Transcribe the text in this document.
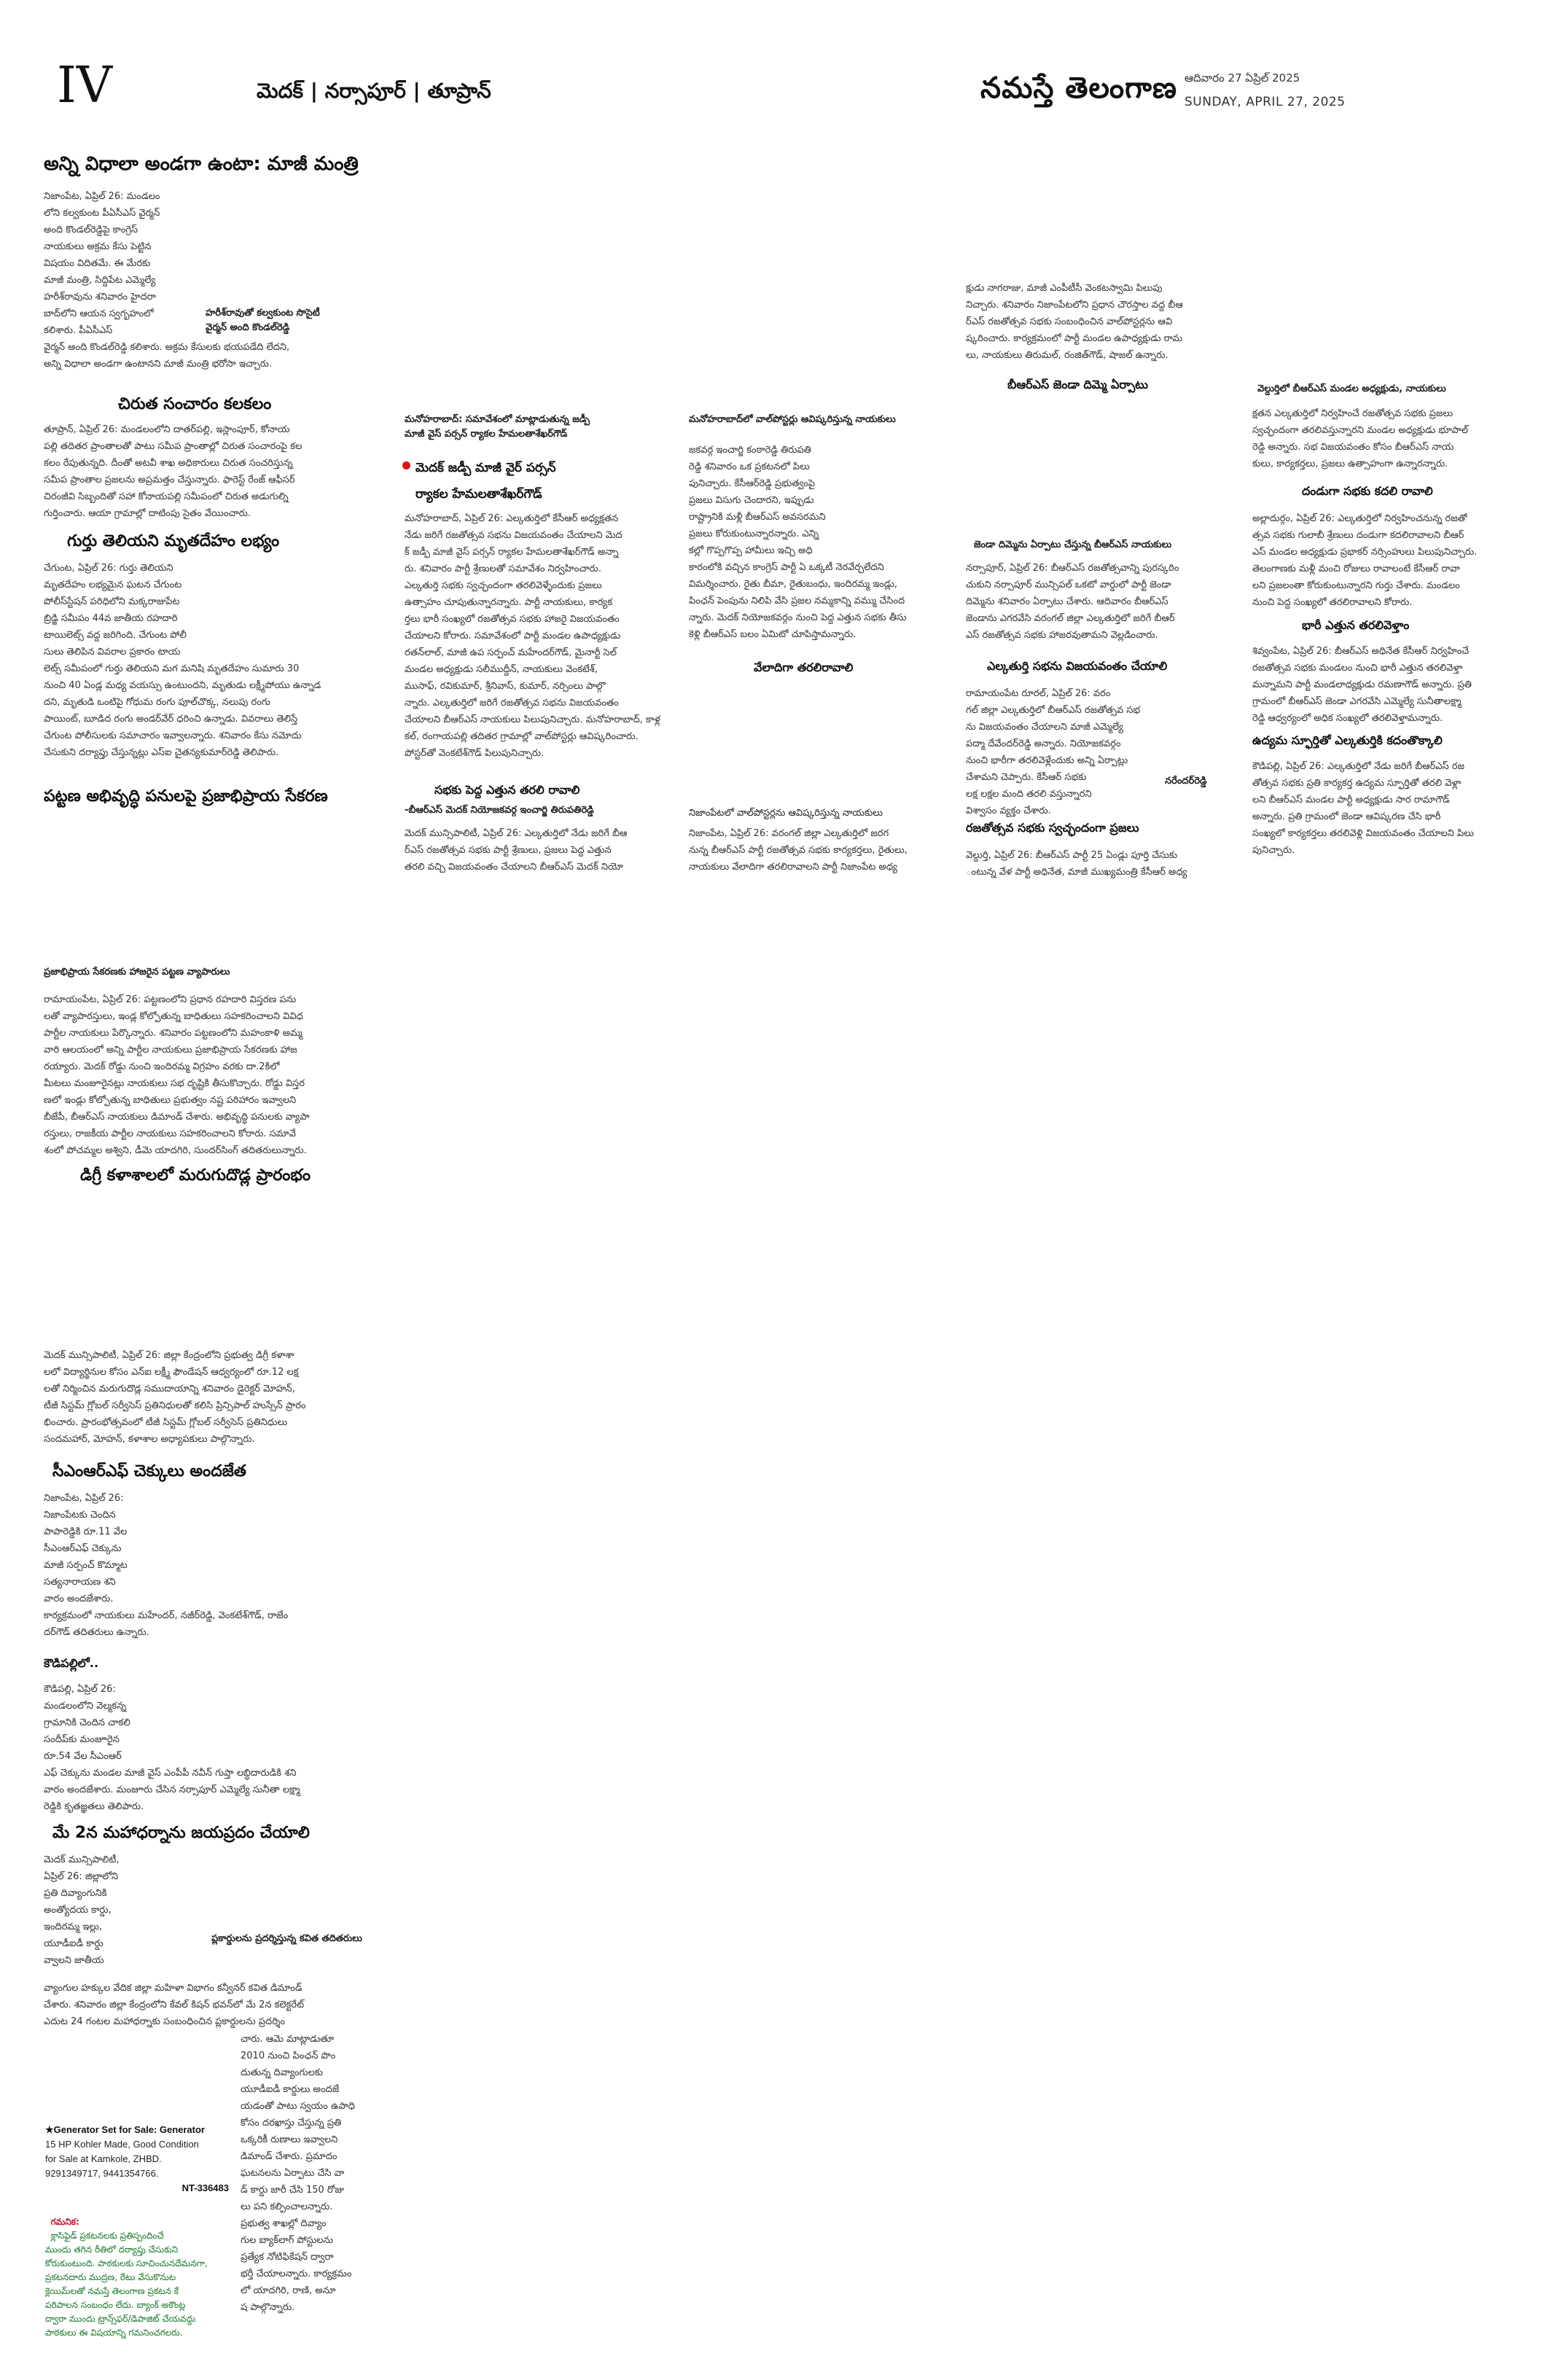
IV	మెదక్ | నర్సాపూర్ | తూప్రాన్	నమస్తే తెలంగాణ ఆదివారం 27 ఏప్రిల్ 2025
SUNDAY, APRIL 27, 2025
అన్ని విధాలా అండగా ఉంటా: మాజీ మంత్రి
నిజాంపేట, ఏప్రిల్ 26: మండలం
లోని కల్వకుంట పీఏసీఎస్ వైర్మన్
అంది కొండల్‌రెడ్డిపై కాంగ్రెస్
నాయకులు అక్రమ కేసు పెట్టిన
విషయం విదితమే. ఈ మేరకు
మాజీ మంత్రి, సిద్దిపేట ఎమ్మెల్యే
హరీశ్‌రావును శనివారం హైదరా
బాద్‌లోని ఆయన స్వగృహంలో
కలిశారు. పీఏసీఎస్
వైర్మన్ అంది కొండల్‌రెడ్డి కలిశారు. అక్రమ కేసులకు భయపడేది లేదని,
అన్ని విధాలా అండగా ఉంటానని మాజీ మంత్రి భరోసా ఇచ్చారు.
హరీశ్‌రావుతో కల్వకుంట సొసైటీ
వైర్మన్ అంది కొండల్‌రెడ్డి
చిరుత సంచారం కలకలం
తూప్రాన్, ఏప్రిల్ 26: మండలంలోని దాతర్‌పల్లి, ఇస్లాంపూర్, కోనాయ
పల్లి తదితర ప్రాంతాలతో పాటు సమీప ప్రాంతాల్లో చిరుత సంచారంపై కల
కలం రేపుతున్నది. దీంతో అటవీ శాఖ అధికారులు చిరుత సంచరిస్తున్న
సమీప ప్రాంతాల ప్రజలను అప్రమత్తం చేస్తున్నారు. ఫారెస్ట్ రేంజ్ ఆఫీసర్
చిరంజీవి సిబ్బందితో సహా కోనాయపల్లి సమీపంలో చిరుత అడుగుల్ని
గుర్తించారు. ఆయా గ్రామాల్లో దాటింపు సైతం వేయించారు.
గుర్తు తెలియని మృతదేహం లభ్యం
చేగుంట, ఏప్రిల్ 26: గుర్తు తెలియని
మృతదేహం లభ్యమైన ఘటన చేగుంట
పోలీస్‌స్టేషన్ పరిధిలోని మక్కరాజుపేట
బ్రిడ్జి సమీపం 44వ జాతీయ రహదారి
టాయిలెట్స్ వద్ద జరిగింది. చేగుంట పోలీ
సులు తెలిపిన వివరాల ప్రకారం టాయ
లెట్స్ సమీపంలో గుర్తు తెలియని మగ మనిషి మృతదేహం సుమారు 30
నుంచి 40 ఏండ్ల మధ్య వయస్సు ఉంటుందని, మృతుడు లక్ష్మీపోయు ఉన్నాడ
దని, మృతుడి ఒంటిపై గోధుమ రంగు పూల్‌చొక్క, నలుపు రంగు
పాయింట్, బూడిద రంగు అండర్‌వేర్ ధరించి ఉన్నాడు. వివరాలు తెలిస్తే
చేగుంట పోలీసులకు సమాచారం ఇవ్వాలన్నారు. శనివారం కేసు నమోదు
చేసుకుని దర్యాప్తు చేస్తున్నట్లు ఎస్‌ఐ చైతన్యకుమార్‌రెడ్డి తెలిపారు.
పట్టణ అభివృద్ధి పనులపై ప్రజాభిప్రాయ సేకరణ
ప్రజాభిప్రాయ సేకరణకు హాజరైన పట్టణ వ్యాపారులు
రామాయంపేట, ఏప్రిల్ 26: పట్టణంలోని ప్రధాన రహదారి విస్తరణ పను
లతో వ్యాపారస్తులు, ఇండ్ల కోల్పోతున్న బాధితులు సహకరించాలని వివిధ
పార్టీల నాయకులు పేర్కొన్నారు. శనివారం పట్టణంలోని మహంకాళి అమ్మ
వారి ఆలయంలో అన్ని పార్టీల నాయకులు ప్రజాభిప్రాయ సేకరణకు హాజ
రయ్యారు. మెదక్ రోడ్డు నుంచి ఇందిరమ్మ విగ్రహం వరకు దా.2కిలో
మీటలు మంజూరైనట్లు నాయకులు సభ దృష్టికి తీసుకొచ్చారు. రోడ్డు విస్తర
ణలో ఇండ్లు కోల్పోతున్న బాధితులు ప్రభుత్వం నష్ట పరిహారం ఇవ్వాలని
బీజేపీ, బీఆర్‌ఎస్ నాయకులు డిమాండ్ చేశారు. అభివృద్ధి పనులకు వ్యాపా
రస్తులు, రాజకీయ పార్టీల నాయకులు సహకరించాలని కోరారు. సమావే
శంలో పోచమ్మల అశ్విని, డీమె యాదగిరి, సుందర్‌సింగ్ తదితరులున్నారు.
డిగ్రీ కళాశాలలో మరుగుదొడ్ల ప్రారంభం
మెదక్ మున్సిపాలిటీ, ఏప్రిల్ 26: జిల్లా కేంద్రంలోని ప్రభుత్వ డిగ్రీ కళాశా
లలో విద్యార్థినుల కోసం ఎన్ఐ లక్ష్మీ ఫౌండేషన్ ఆధ్వర్యంలో రూ.12 లక్ష
లతో నిర్మించిన మరుగుదొడ్ల సముదాయాన్ని శనివారం డైరెక్టర్ మోహన్,
టీజీ సిస్టమ్ గ్లోబల్ సర్వీసెస్ ప్రతినిధులతో కలిసి ప్రిన్సిపాల్ హుస్సేన్ ప్రారం
భించారు. ప్రారంభోత్సవంలో టీజీ సిస్టమ్ గ్లోబల్ సర్వీసెస్ ప్రతినిధులు
సందమహార్, మోహన్, కళాశాల అధ్యాపకులు పాల్గొన్నారు.
సీఎంఆర్‌ఎఫ్ చెక్కులు అందజేత
నిజాంపేట, ఏప్రిల్ 26:
నిజాంపేటకు చెందిన
పాపారెడ్డికి రూ.11 వేల
సీఎంఆర్‌ఎఫ్ చెక్కును
మాజీ సర్పంచ్ కొమ్మాట
సత్యనారాయణ శని
వారం అందజేశారు.
కార్యక్రమంలో నాయకులు మహేందర్, నజీర్‌రెడ్డి, వెంకటేశ్‌గౌడ్, రాజేం
దర్‌గౌడ్ తదితరులు ఉన్నారు.
కౌడిపల్లిలో..
కౌడిపల్లి, ఏప్రిల్ 26:
మండలంలోని వెల్మకన్న
గ్రామానికి చెందిన చాకలి
సందీప్‌కు మంజూరైన
రూ.54 వేల సీఎంఆర్
ఎఫ్ చెక్కును మండల మాజీ వైస్ ఎంపీపీ నవీన్ గుప్తా లబ్ధిదారుడికి శని
వారం అందజేశారు. మంజూరు చేసిన నర్సాపూర్ ఎమ్మెల్యే సునీతా లక్ష్మా
రెడ్డికి కృతజ్ఞతలు తెలిపారు.
మే 2న మహాధర్నాను జయప్రదం చేయాలి
మెదక్ మున్సిపాలిటీ,
ఏప్రిల్ 26: జిల్లాలోని
ప్రతి దివ్యాంగునికి
అంత్యోదయ కార్డు,
ఇందిరమ్మ ఇల్లు,
యూడీఐడీ కార్డు
వ్వాలని జాతీయ

ప్లకార్డులను ప్రదర్శిస్తున్న కవిత తదితరులు
వ్యాంగుల హక్కుల వేదిక జిల్లా మహిళా విభాగం కన్వీనర్ కవిత డిమాండ్
చేశారు. శనివారం జిల్లా కేంద్రంలోని కేవల్ కిషన్ భవన్‌లో మే 2న కలెక్టరేట్
ఎదుట 24 గంటల మహాధర్నాకు సంబంధించిన ప్లకార్డులను ప్రదర్శిం
చారు. ఆమె మాట్లాడుతూ
2010 నుంచి పింఛన్ పొం
దుతున్న దివ్యాంగులకు
యూడీఐడీ కార్డులు అందజే
యడంతో పాటు స్వయం ఉపాధి
కోసం దరఖాస్తు చేస్తున్న ప్రతి
ఒక్కరికీ రుణాలు ఇవ్వాలని
డిమాండ్ చేశారు. ప్రమాదం
ఘటనలను ఏర్పాటు చేసి వా
డ్ కార్డు జారీ చేసి 150 రోజు
లు పని కల్పించాలన్నారు.
ప్రభుత్వ శాఖల్లో దివ్యాం
గుల బ్యాక్‌లాగ్ పోస్టులను
ప్రత్యేక నోటిఫికేషన్ ద్వారా
భర్తీ చేయాలన్నారు. కార్యక్రమం
లో యాదగిరి, రాణి, అనూ
ష పాల్గొన్నారు.
★Generator Set for Sale: Generator
15 HP Kohler Made, Good Condition
for Sale at Kamkole, ZHBD.
9291349717, 9441354766.
NT-336483

గమనిక:
క్లాసిఫైడ్ ప్రకటనలకు ప్రతిస్పందించే
ముందు తగిన రీతిలో దర్యాప్తు చేసుకుని
కోరుకుంటుంది. పాఠకులకు సూచించునదేమనగా,
ప్రకటనదారు ముద్రణ, రేటు వేసుకొనుట
క్లెయిమ్‌లతో నమస్తే తెలంగాణ ప్రకటన కే
పరిపాలన సంబంధం లేదు. బ్యాంక్ అకౌంట్ల
ద్వారా ముందు ట్రాన్స్‌ఫర్/డిపాజిట్ చేయవద్దు
పాఠకులు ఈ విషయాన్ని గమనించగలరు.

మనోహరాబాద్: సమావేశంలో మాట్లాడుతున్న జడ్పీ
మాజీ వైస్ పర్సన్ ర్యాకల హేమలతాశేఖర్‌గౌడ్
మెదక్ జడ్పీ మాజీ వైర్ పర్సన్
ర్యాకల హేమలతాశేఖర్‌గౌడ్
మనోహరాబాద్, ఏప్రిల్ 26: ఎల్కతుర్తిలో కేసీఆర్ అధ్యక్షతన
నేడు జరిగే రజతోత్సవ సభను విజయవంతం చేయాలని మెద
క్ జడ్పీ మాజీ వైస్ పర్సన్ ర్యాకల హేమలతాశేఖర్‌గౌడ్ అన్నా
రు. శనివారం పార్టీ శ్రేణులతో సమావేశం నిర్వహించారు.
ఎల్కతుర్తి సభకు స్వచ్ఛందంగా తరలివెళ్ళేందుకు ప్రజలు
ఉత్సాహం చూపుతున్నారన్నారు. పార్టీ నాయకులు, కార్యక
ర్తలు భారీ సంఖ్యలో రజతోత్సవ సభకు హాజరై విజయవంతం
చేయాలని కోరారు. సమావేశంలో పార్టీ మండల ఉపాధ్యక్షుడు
రతన్‌లాల్, మాజీ ఉప సర్పంచ్ మహేందర్‌గౌడ్, మైనార్టీ సెల్
మండల అధ్యక్షుడు సలీముద్దీన్, నాయకులు వెంకటేశ్,
ముసాఫ్, రవికుమార్, శ్రీనివాస్, కుమార్, నర్సింలు పాల్గొ
న్నారు. ఎల్కతుర్తిలో జరిగే రజతోత్సవ సభను విజయవంతం
చేయాలని బీఆర్‌ఎస్ నాయకులు పిలుపునిచ్చారు. మనోహరాబాద్, కాళ్ల
కల్, రంగాయపల్లి తదితర గ్రామాల్లో వాల్‌పోస్టర్లు ఆవిష్కరించారు.
పోస్టర్‌తో వెంకటేశ్‌గౌడ్ పిలుపునిచ్చారు.
సభకు పెద్ద ఎత్తున తరలి రావాలి
-బీఆర్‌ఎస్ మెదక్ నియోజకవర్గ ఇంచార్జి తిరుపతిరెడ్డి
మెదక్ మున్సిపాలిటీ, ఏప్రిల్ 26: ఎల్కతుర్తిలో నేడు జరిగే బీఆ
ర్‌ఎస్ రజతోత్సవ సభకు పార్టీ శ్రేణులు, ప్రజలు పెద్ద ఎత్తున
తరలి వచ్చి విజయవంతం చేయాలని బీఆర్‌ఎస్ మెదక్ నియో
మనోహరాబాద్‌లో వాల్‌పోస్టర్లు ఆవిష్కరిస్తున్న నాయకులు
జకవర్గ ఇంచార్జి కంఠారెడ్డి తిరుపతి
రెడ్డి శనివారం ఒక ప్రకటనలో పిలు
పునిచ్చారు. కేసీఆర్‌రెడ్డి ప్రభుత్వంపై
ప్రజలు విసుగు చెందారని, ఇప్పుడు
రాష్ట్రానికి మళ్లీ బీఆర్‌ఎస్ అవసరమని
ప్రజలు కోరుకుంటున్నారన్నారు. ఎన్ని
కల్లో గొప్పగొప్ప హామీలు ఇచ్చి అధి
కారంలోకి వచ్చిన కాంగ్రెస్ పార్టీ ఏ ఒక్కటీ నెరవేర్చలేదని
విమర్శించారు. రైతు బీమా, రైతుబంధు, ఇందిరమ్మ ఇండ్లు,
పింఛన్ పెంపును నిలిపి వేసి ప్రజల నమ్మకాన్ని వమ్ము చేసింద
న్నారు. మెదక్ నియోజకవర్గం నుంచి పెద్ద ఎత్తున సభకు తీసు
కెళ్లి బీఆర్‌ఎస్ బలం ఏమిటో చూపిస్తామన్నారు.
వేలాదిగా తరలిరావాలి
నిజాంపేటలో వాల్‌పోస్టర్లను ఆవిష్కరిస్తున్న నాయకులు
నిజాంపేట, ఏప్రిల్ 26: వరంగల్ జిల్లా ఎల్కతుర్తిలో జరగ
నున్న బీఆర్‌ఎస్ పార్టీ రజతోత్సవ సభకు కార్యకర్తలు, రైతులు,
నాయకులు వేలాదిగా తరలిరావాలని పార్టీ నిజాంపేట అధ్య
క్షుడు నాగరాజు, మాజీ ఎంపీటీసీ వెంకటస్వామి పిలుపు
నిచ్చారు. శనివారం నిజాంపేటలోని ప్రధాన చౌరస్తాల వద్ద బీఆ
ర్‌ఎస్ రజతోత్సవ సభకు సంబంధించిన వాల్‌పోస్టర్లను ఆవి
ష్కరించారు. కార్యక్రమంలో పార్టీ మండల ఉపాధ్యక్షుడు రామ
లు, నాయకులు తిరుమల్, రంజిత్‌గౌడ్, షాజల్ ఉన్నారు.
బీఆర్‌ఎస్ జెండా దిమ్మె ఏర్పాటు
జెండా దిమ్మెను ఏర్పాటు చేస్తున్న బీఆర్‌ఎస్ నాయకులు
నర్సాపూర్, ఏప్రిల్ 26: బీఆర్‌ఎస్ రజతోత్సవాన్ని పురస్కరిం
చుకుని నర్సాపూర్ మున్సిపల్ ఒకటో వార్డులో పార్టీ జెండా
దిమ్మెను శనివారం ఏర్పాటు చేశారు. ఆదివారం బీఆర్‌ఎస్
జెండాను ఎగరవేసి వరంగల్ జిల్లా ఎల్కతుర్తిలో జరిగే బీఆర్
ఎస్ రజతోత్సవ సభకు హాజరవుతామని వెల్లడించారు.
ఎల్కతుర్తి సభను విజయవంతం చేయాలి
రామాయంపేట రూరల్, ఏప్రిల్ 26: వరం
గల్ జిల్లా ఎల్కతుర్తిలో బీఆర్‌ఎస్ రజతోత్సవ సభ
ను విజయవంతం చేయాలని మాజీ ఎమ్మెల్యే
పద్మా దేవేందర్‌రెడ్డి అన్నారు. నియోజకవర్గం
నుంచి భారీగా తరలివెళ్లేందుకు అన్ని ఏర్పాట్లు
చేశామని చెప్పారు. కేసీఆర్ సభకు
లక్ష లక్షల మంది తరలి వస్తున్నారని
విశ్వాసం వ్యక్తం చేశారు.
నరేందర్‌రెడ్డి
రజతోత్సవ సభకు స్వచ్ఛందంగా ప్రజలు
వెల్దుర్తి, ఏప్రిల్ 26: బీఆర్‌ఎస్ పార్టీ 25 ఏండ్లు పూర్తి చేసుకు
ంటున్న వేళ పార్టీ అధినేత, మాజీ ముఖ్యమంత్రి కేసీఆర్ అధ్య
వెల్దుర్తిలో బీఆర్‌ఎస్ మండల అధ్యక్షుడు, నాయకులు
క్షతన ఎల్కతుర్తిలో నిర్వహించే రజతోత్సవ సభకు ప్రజలు
స్వచ్ఛందంగా తరలివస్తున్నారని మండల అధ్యక్షుడు భూపాల్
రెడ్డి అన్నారు. సభ విజయవంతం కోసం బీఆర్‌ఎస్ నాయ
కులు, కార్యకర్తలు, ప్రజలు ఉత్సాహంగా ఉన్నారన్నారు.
దండుగా సభకు కదలి రావాలి
అల్లాదుర్గం, ఏప్రిల్ 26: ఎల్కతుర్తిలో నిర్వహించనున్న రజతో
త్సవ సభకు గులాబీ శ్రేణులు దండుగా కదలిరావాలని బీఆర్
ఎస్ మండల అధ్యక్షుడు ప్రభాకర్ నర్సింహులు పిలుపునిచ్చారు.
తెలంగాణకు మళ్లీ మంచి రోజులు రావాలంటే కేసీఆర్ రావా
లని ప్రజలంతా కోరుకుంటున్నారని గుర్తు చేశారు. మండలం
నుంచి పెద్ద సంఖ్యలో తరలిరావాలని కోరారు.
భారీ ఎత్తున తరలివెళ్తాం
శివ్వంపేట, ఏప్రిల్ 26: బీఆర్‌ఎస్ అధినేత కేసీఆర్ నిర్వహించే
రజతోత్సవ సభకు మండలం నుంచి భారీ ఎత్తున తరలివెళ్తా
మన్నామని పార్టీ మండలాధ్యక్షుడు రమణాగౌడ్ అన్నారు. ప్రతి
గ్రామంలో బీఆర్‌ఎస్ జెండా ఎగరవేసి ఎమ్మెల్యే సునీతాలక్ష్మా
రెడ్డి ఆధ్వర్యంలో అధిక సంఖ్యలో తరలివెళ్తామన్నారు.
ఉద్యమ స్ఫూర్తితో ఎల్కతుర్తికి కదంతొక్కాలి
కౌడిపల్లి, ఏప్రిల్ 26: ఎల్కతుర్తిలో నేడు జరిగే బీఆర్‌ఎస్ రజ
తోత్సవ సభకు ప్రతి కార్యకర్త ఉద్యమ స్ఫూర్తితో తరలి వెళ్లా
లని బీఆర్‌ఎస్ మండల పార్టీ అధ్యక్షుడు సార రామాగౌడ్
అన్నారు. ప్రతి గ్రామంలో జెండా ఆవిష్కరణ చేసి భారీ
సంఖ్యలో కార్యకర్తలు తరలివెళ్లి విజయవంతం చేయాలని పిలు
పునిచ్చారు.
